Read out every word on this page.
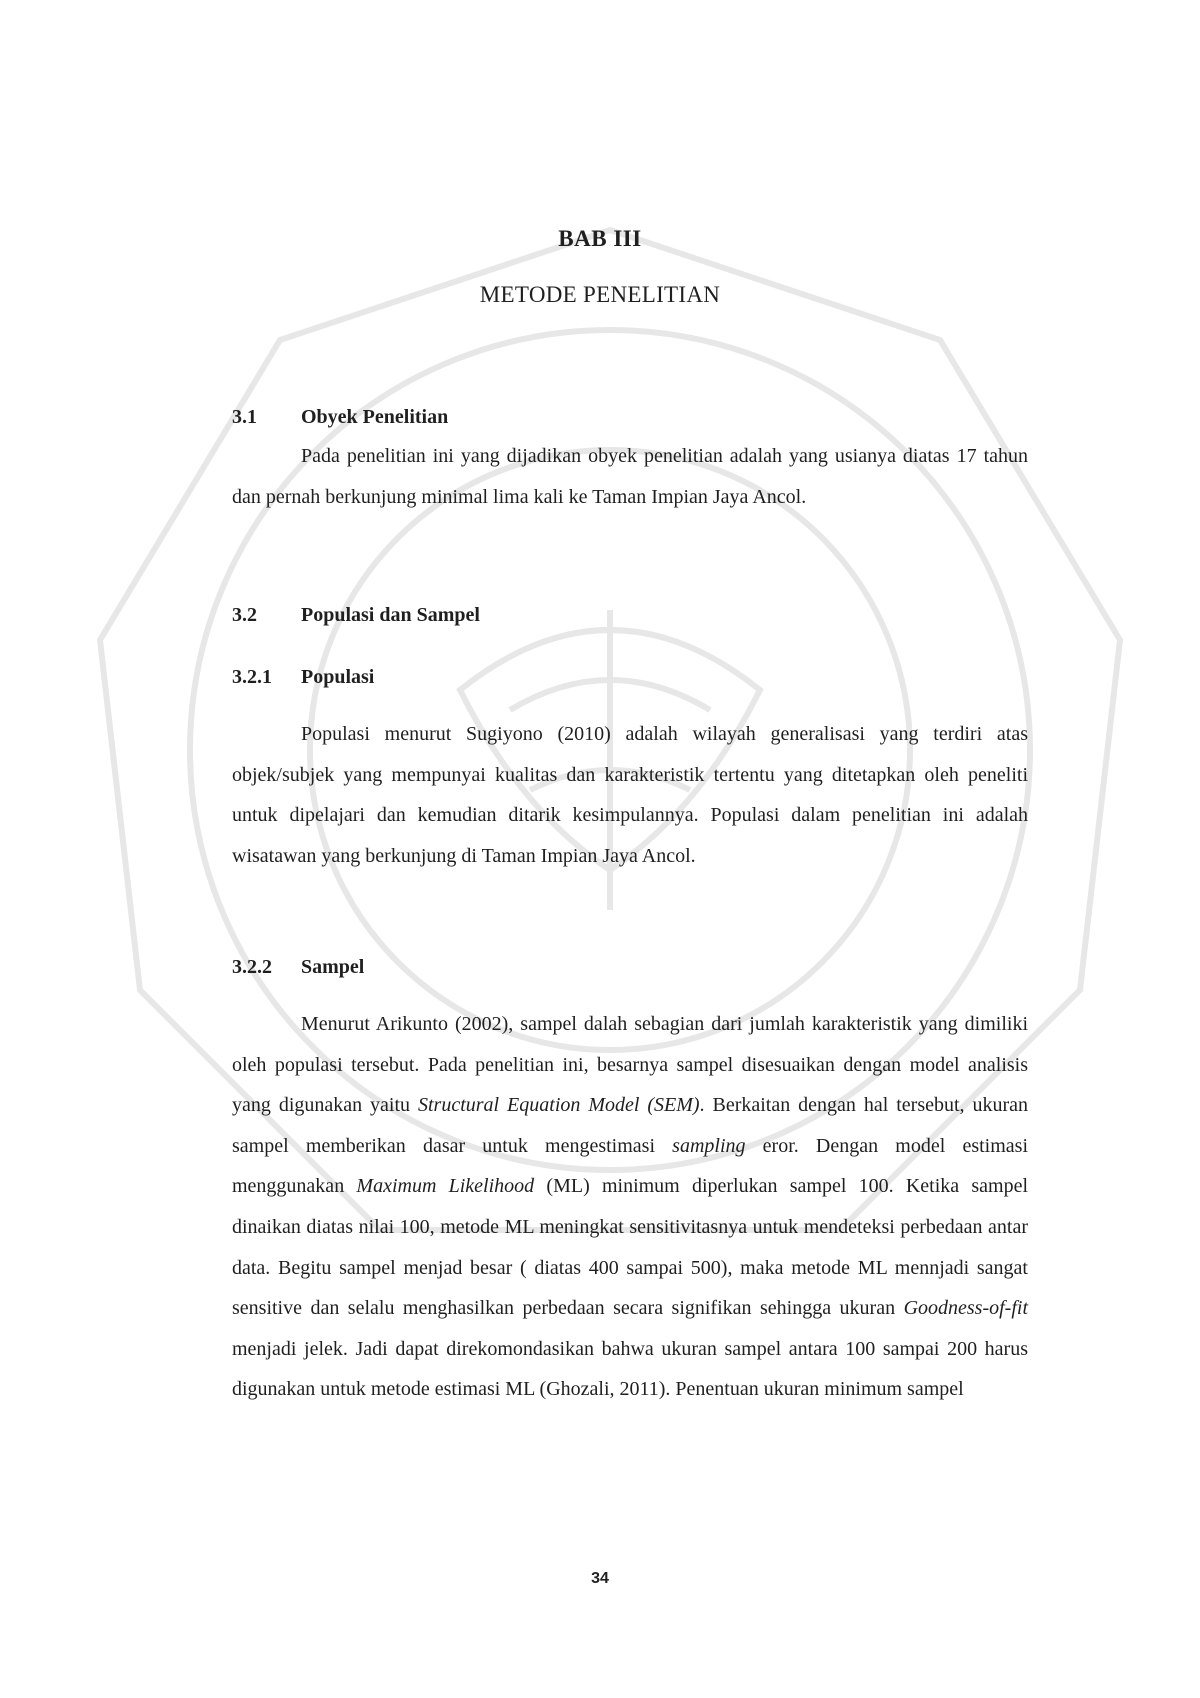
BAB III
METODE PENELITIAN
3.1	Obyek Penelitian

Pada penelitian ini yang dijadikan obyek penelitian adalah yang usianya diatas 17 tahun dan pernah berkunjung minimal lima kali ke Taman Impian Jaya Ancol.

3.2	Populasi dan Sampel
3.2.1	Populasi

Populasi menurut Sugiyono (2010) adalah wilayah generalisasi yang terdiri atas objek/subjek yang mempunyai kualitas dan karakteristik tertentu yang ditetapkan oleh peneliti untuk dipelajari dan kemudian ditarik kesimpulannya. Populasi dalam penelitian ini adalah wisatawan yang berkunjung di Taman Impian Jaya Ancol.

3.2.2	Sampel

Menurut Arikunto (2002), sampel dalah sebagian dari jumlah karakteristik yang dimiliki oleh populasi tersebut. Pada penelitian ini, besarnya sampel disesuaikan dengan model analisis yang digunakan yaitu Structural Equation Model (SEM). Berkaitan dengan hal tersebut, ukuran sampel memberikan dasar untuk mengestimasi sampling eror. Dengan model estimasi menggunakan Maximum Likelihood (ML) minimum diperlukan sampel 100. Ketika sampel dinaikan diatas nilai 100, metode ML meningkat sensitivitasnya untuk mendeteksi perbedaan antar data. Begitu sampel menjad besar ( diatas 400 sampai 500), maka metode ML mennjadi sangat sensitive dan selalu menghasilkan perbedaan secara signifikan sehingga ukuran Goodness-of-fit menjadi jelek. Jadi dapat direkomondasikan bahwa ukuran sampel antara 100 sampai 200 harus digunakan untuk metode estimasi ML (Ghozali, 2011). Penentuan ukuran minimum sampel

34
